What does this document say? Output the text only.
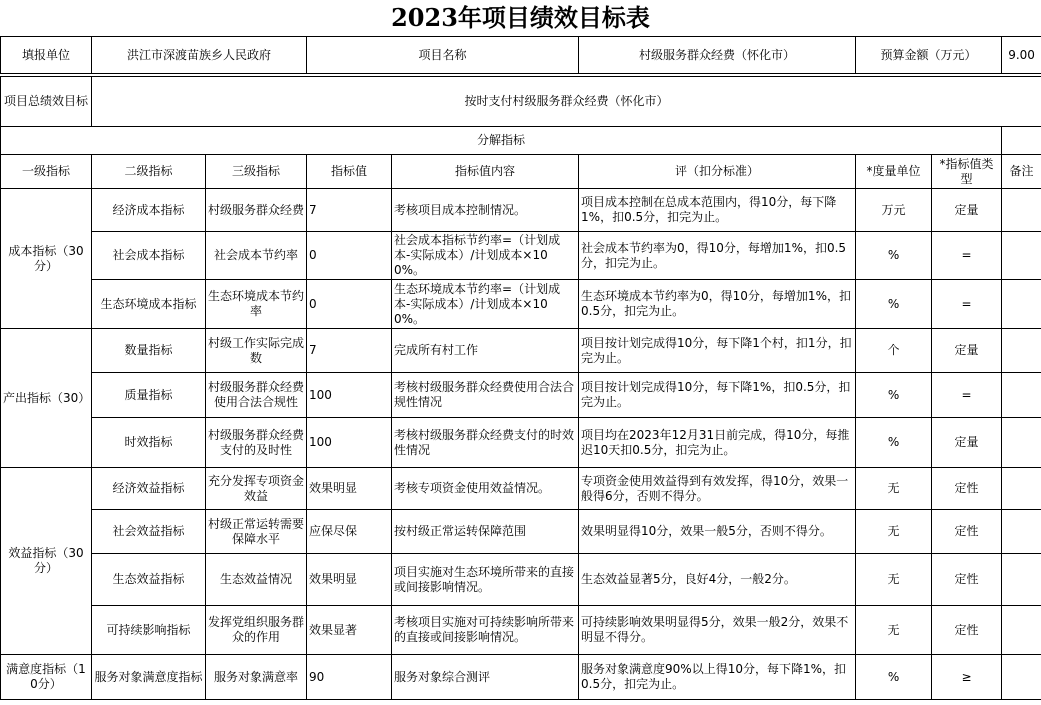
2023年项目绩效目标表
填报单位	洪江市深渡苗族乡人民政府		项目名称		村级服务群众经费（怀化市）	预算金额（万元）		9.00

项目总绩效目标	按时支付村级服务群众经费（怀化市）							
分解指标								
一级指标	二级指标	三级指标	指标值	指标值内容	评（扣分标准）	*度量单位	*指标值类型	备注
成本指标（30分）	经济成本指标	村级服务群众经费	7	考核项目成本控制情况。	项目成本控制在总成本范围内，得10分，每下降1%，扣0.5分，扣完为止。	万元	定量	
	社会成本指标	社会成本节约率	0	社会成本指标节约率=（计划成本-实际成本）/计划成本×100%。	社会成本节约率为0，得10分，每增加1%，扣0.5分，扣完为止。	%	=	
	生态环境成本指标	生态环境成本节约率	0	生态环境成本节约率=（计划成本-实际成本）/计划成本×100%。	生态环境成本节约率为0，得10分，每增加1%，扣0.5分，扣完为止。	%	=	
产出指标（30）	数量指标	村级工作实际完成数	7	完成所有村工作	项目按计划完成得10分，每下降1个村，扣1分，扣完为止。	个	定量	
	质量指标	村级服务群众经费使用合法合规性	100	考核村级服务群众经费使用合法合规性情况	项目按计划完成得10分，每下降1%，扣0.5分，扣完为止。	%	=	
	时效指标	村级服务群众经费支付的及时性	100	考核村级服务群众经费支付的时效性情况	项目均在2023年12月31日前完成，得10分，每推迟10天扣0.5分，扣完为止。	%	定量	
效益指标（30分）	经济效益指标	充分发挥专项资金效益	效果明显	考核专项资金使用效益情况。	专项资金使用效益得到有效发挥，得10分，效果一般得6分，否则不得分。	无	定性	
	社会效益指标	村级正常运转需要保障水平	应保尽保	按村级正常运转保障范围	效果明显得10分，效果一般5分，否则不得分。	无	定性	
	生态效益指标	生态效益情况	效果明显	项目实施对生态环境所带来的直接或间接影响情况。	生态效益显著5分，良好4分，一般2分。	无	定性	
	可持续影响指标	发挥党组织服务群众的作用	效果显著	考核项目实施对可持续影响所带来的直接或间接影响情况。	可持续影响效果明显得5分，效果一般2分，效果不明显不得分。	无	定性	
满意度指标（10分）	服务对象满意度指标	服务对象满意率	90	服务对象综合测评	服务对象满意度90%以上得10分，每下降1%，扣0.5分，扣完为止。	%	≥	
